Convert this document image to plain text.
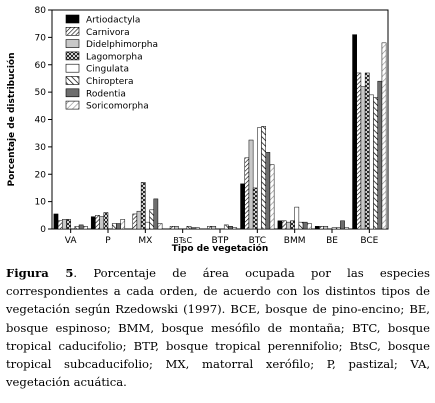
0
10
20
30
40
50
60
70
80
VA	P	MX	BTsC BTP BTC BMM BE BCE
Tipo de vegetación
Porcentaje de distribución
Artiodactyla
Carnivora
Didelphimorpha
Lagomorpha
Cingulata
Chiroptera
Rodentia
Soricomorpha
Figura 5. Porcentaje de área ocupada por las especies correspondientes a cada orden, de acuerdo con los distintos tipos de vegetación según Rzedowski (1997). BCE, bosque de pino-encino; BE, bosque espinoso; BMM, bosque mesófilo de montaña; BTC, bosque tropical caducifolio; BTP, bosque tropical perennifolio; BtsC, bosque tropical subcaducifolio; MX, matorral xerófilo; P, pastizal; VA, vegetación acuática.
